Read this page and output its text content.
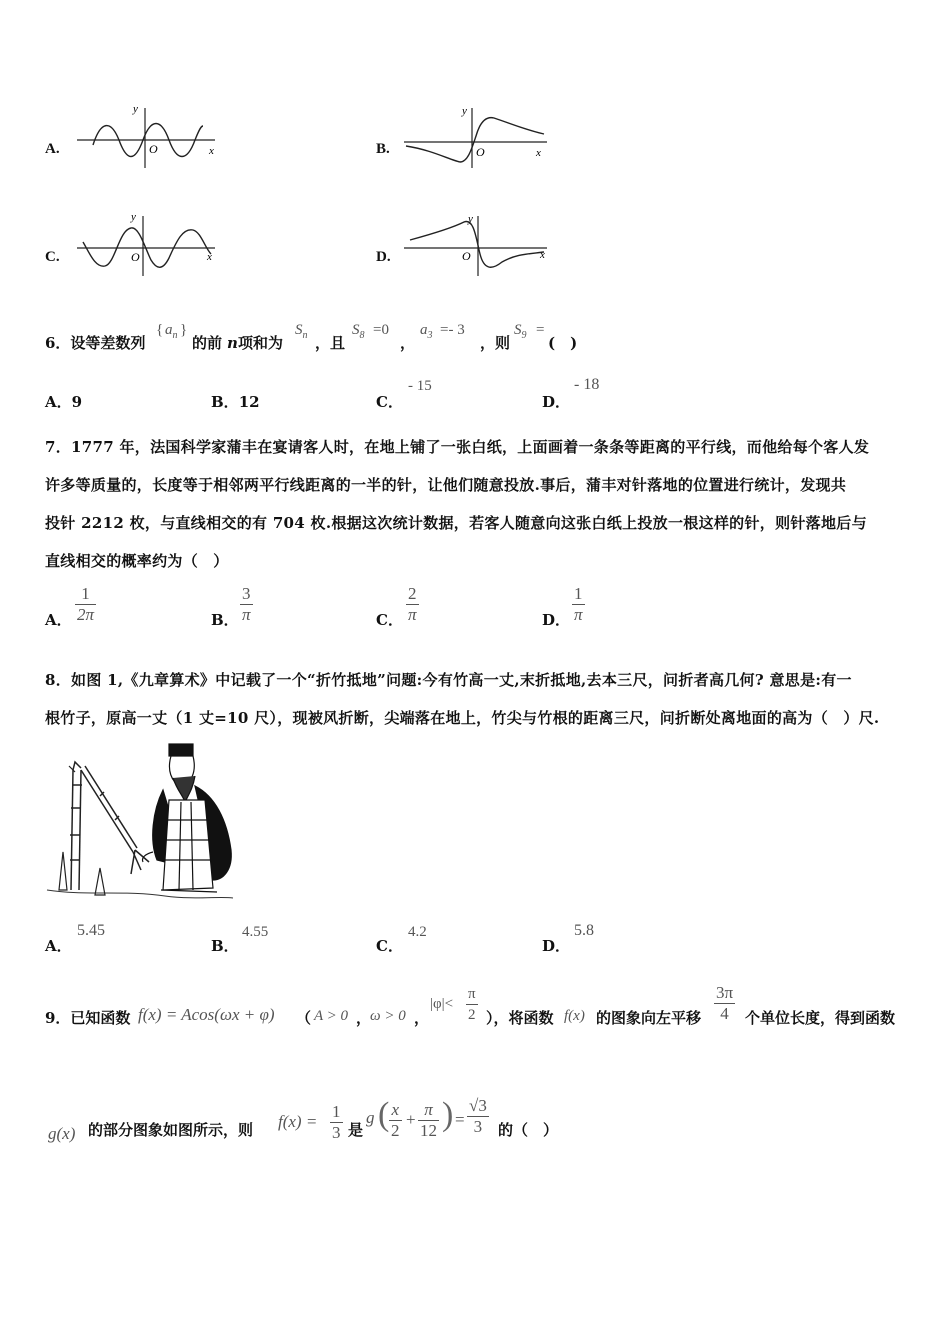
A.
y
O	x	B.
y
O	x
C.
y
O	x	D.
y
O	x
6．设等差数列
{ $a_n$ }
的前 n 项和为
$S_n$ ，且
$S_8 =0$
，
$a_3 =- 3$
，则
$S_9$ =
(　)
A．9	B．12	C．
- 15
D．
- 18
7．1777 年，法国科学家蒲丰在宴请客人时，在地上铺了一张白纸，上面画着一条条等距离的平行线，而他给每个客人发
许多等质量的，长度等于相邻两平行线距离的一半的针，让他们随意投放.事后，蒲丰对针落地的位置进行统计，发现共
投针 2212 枚，与直线相交的有 704 枚.根据这次统计数据，若客人随意向这张白纸上投放一根这样的针，则针落地后与
直线相交的概率约为（　）
A．
1
2π	B．
3
π	C．
2
π	D．
1
π
8．如图 1,《九章算术》中记载了一个“折竹抵地”问题:今有竹高一丈,末折抵地,去本三尺，问折者高几何? 意思是:有一
根竹子，原高一丈（1 丈=10 尺），现被风折断，尖端落在地上，竹尖与竹根的距离三尺，问折断处离地面的高为（　）尺.
A．
5.45
B．
4.55
C．
4.2
D．
5.8
9．已知函数 f(x) = Acos(ωx + φ) （ A > 0 ，
ω > 0 ，
|φ|<
π
2 ），将函数 f(x) 的图象向左平移
3π
4 个单位长度，得到函数
g(x) 的部分图象如图所示，则 f(x) =
1
3 是
g ( x
2
+
π
12 ) =
√3
3 的（　）
